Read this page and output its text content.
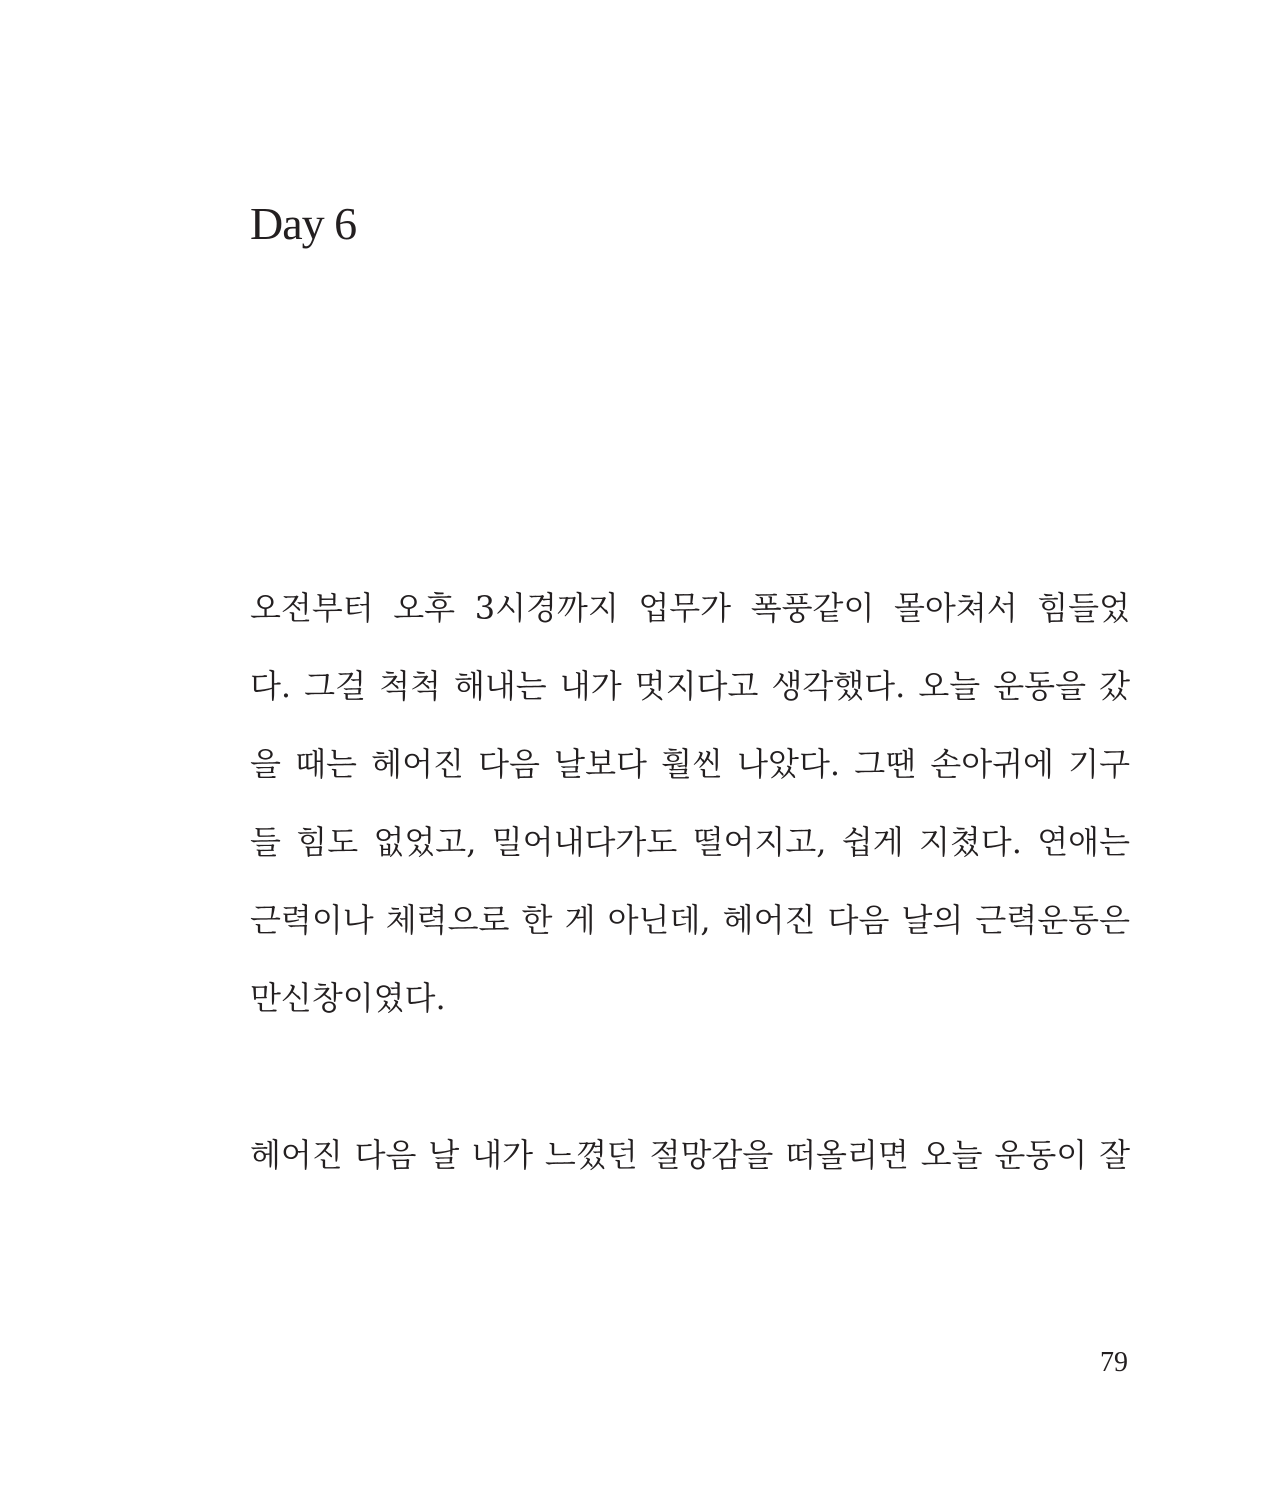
Day 6
오전부터 오후 3시경까지 업무가 폭풍같이 몰아쳐서 힘들었
다. 그걸 척척 해내는 내가 멋지다고 생각했다. 오늘 운동을 갔
을 때는 헤어진 다음 날보다 훨씬 나았다. 그땐 손아귀에 기구
들 힘도 없었고, 밀어내다가도 떨어지고, 쉽게 지쳤다. 연애는
근력이나 체력으로 한 게 아닌데, 헤어진 다음 날의 근력운동은
만신창이였다.
헤어진 다음 날 내가 느꼈던 절망감을 떠올리면 오늘 운동이 잘
79
